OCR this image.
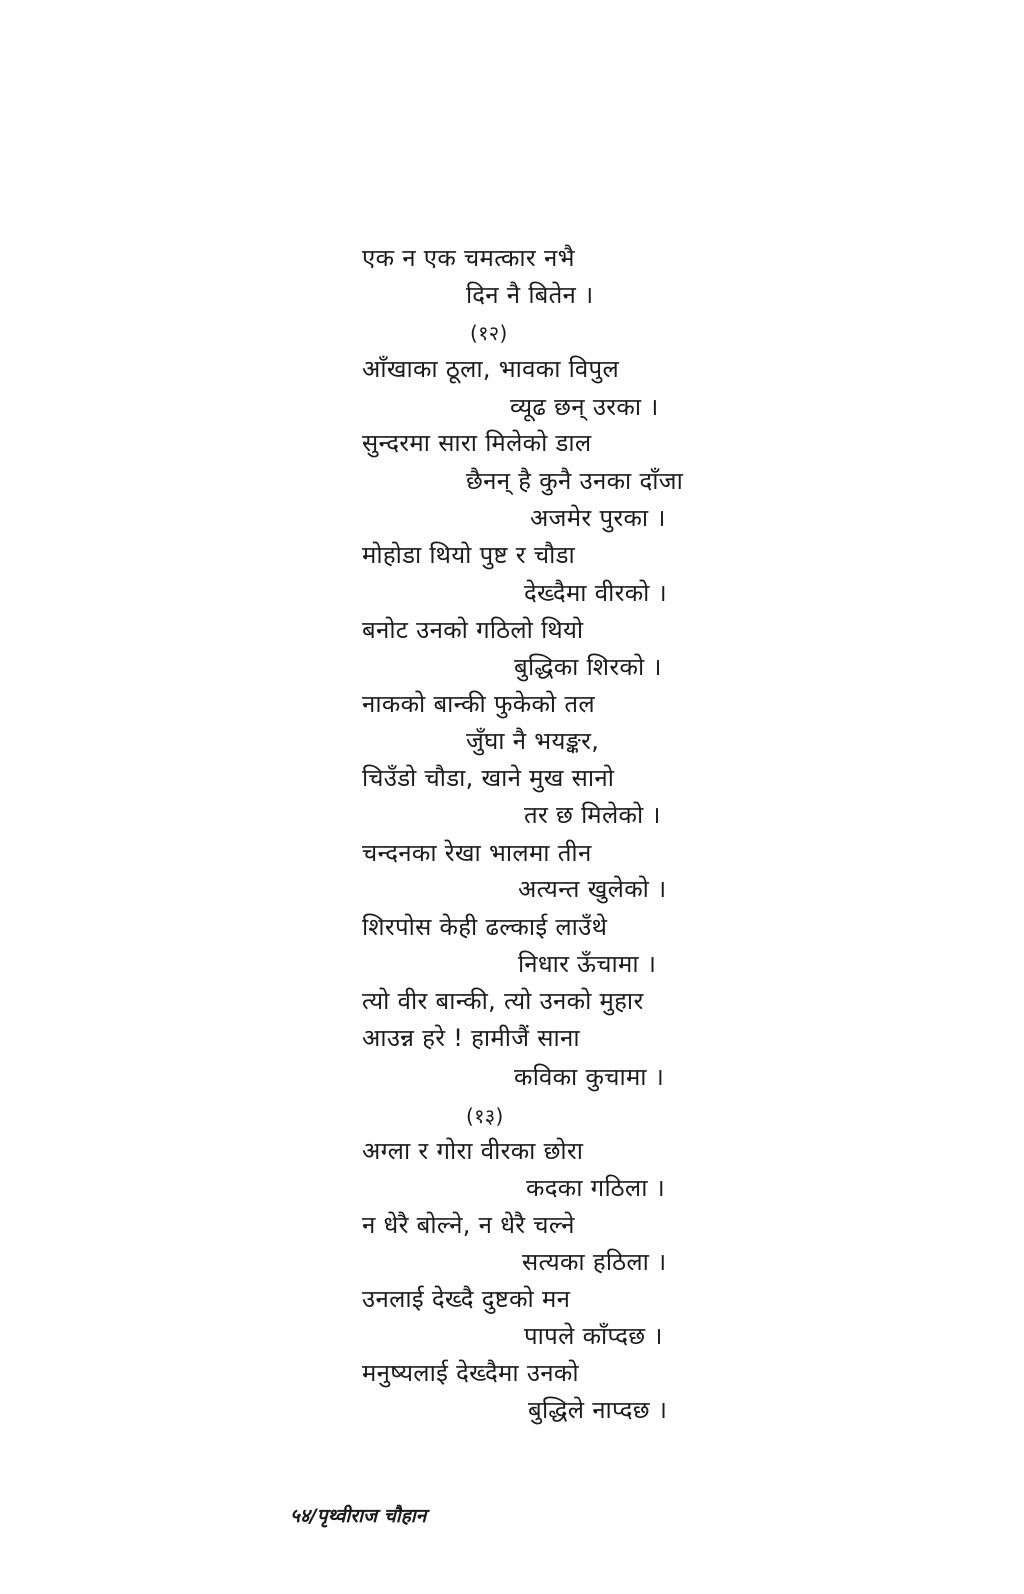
एक न एक चमत्कार नभै
दिन नै बितेन ।
(१२)
आँखाका ठूला, भावका विपुल
व्यूढ छन् उरका ।
सुन्दरमा सारा मिलेको डाल
छैनन् है कुनै उनका दाँजा
अजमेर पुरका ।
मोहोडा थियो पुष्ट र चौडा
देख्दैमा वीरको ।
बनोट उनको गठिलो थियो
बुद्धिका शिरको ।
नाकको बान्की फुकेको तल
जुँघा नै भयङ्कर,
चिउँडो चौडा, खाने मुख सानो
तर छ मिलेको ।
चन्दनका रेखा भालमा तीन
अत्यन्त खुलेको ।
शिरपोस केही ढल्काई लाउँथे
निधार ऊँचामा ।
त्यो वीर बान्की, त्यो उनको मुहार
आउन्न हरे ! हामीजैं साना
कविका कुचामा ।
(१३)
अग्ला र गोरा वीरका छोरा
कदका गठिला ।
न धेरै बोल्ने, न धेरै चल्ने
सत्यका हठिला ।
उनलाई देख्दै दुष्टको मन
पापले काँप्दछ ।
मनुष्यलाई देख्दैमा उनको
बुद्धिले नाप्दछ ।
५४/पृथ्वीराज चौहान
